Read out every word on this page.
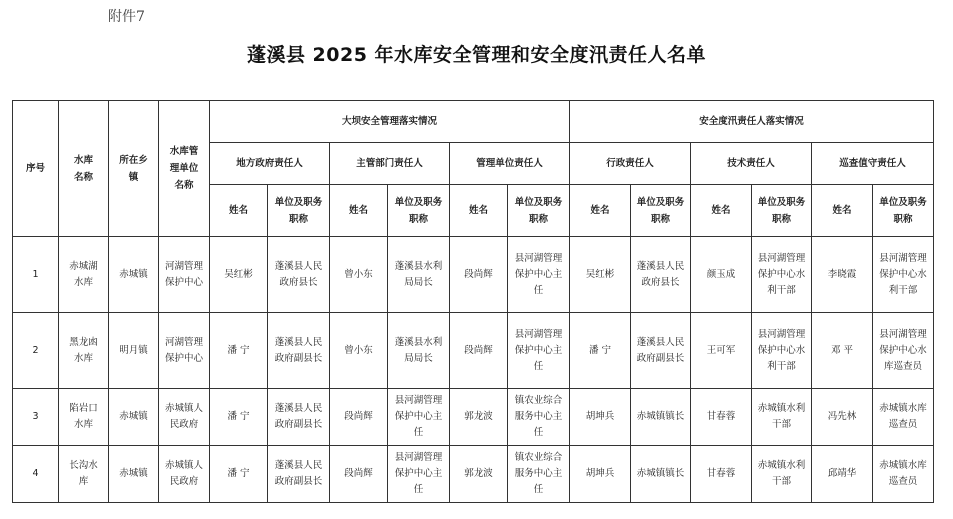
附件7
蓬溪县 2025 年水库安全管理和安全度汛责任人名单
序号	水库名称	所在乡镇	水库管理单位名称	大坝安全管理落实情况						安全度汛责任人落实情况					
				地方政府责任人		主管部门责任人		管理单位责任人		行政责任人		技术责任人		巡查值守责任人	
				姓名	单位及职务职称	姓名	单位及职务职称	姓名	单位及职务职称	姓名	单位及职务职称	姓名	单位及职务职称	姓名	单位及职务职称

1	赤城湖水库	赤城镇	河湖管理保护中心	吴红彬	蓬溪县人民政府县长	曾小东	蓬溪县水利局局长	段尚辉	县河湖管理保护中心主任	吴红彬	蓬溪县人民政府县长	颜玉成	县河湖管理保护中心水利干部	李晓霞	县河湖管理保护中心水利干部

2	黑龙凼水库	明月镇	河湖管理保护中心	潘 宁	蓬溪县人民政府副县长	曾小东	蓬溪县水利局局长	段尚辉	县河湖管理保护中心主任	潘 宁	蓬溪县人民政府副县长	王可军	县河湖管理保护中心水利干部	邓 平	县河湖管理保护中心水库巡查员

3	陷岩口水库	赤城镇	赤城镇人民政府	潘 宁	蓬溪县人民政府副县长	段尚辉	县河湖管理保护中心主任	郭龙波	镇农业综合服务中心主任	胡坤兵	赤城镇镇长	甘春蓉	赤城镇水利干部	冯先林	赤城镇水库巡查员

4	长沟水库	赤城镇	赤城镇人民政府	潘 宁	蓬溪县人民政府副县长	段尚辉	县河湖管理保护中心主任	郭龙波	镇农业综合服务中心主任	胡坤兵	赤城镇镇长	甘春蓉	赤城镇水利干部	邱靖华	赤城镇水库巡查员
